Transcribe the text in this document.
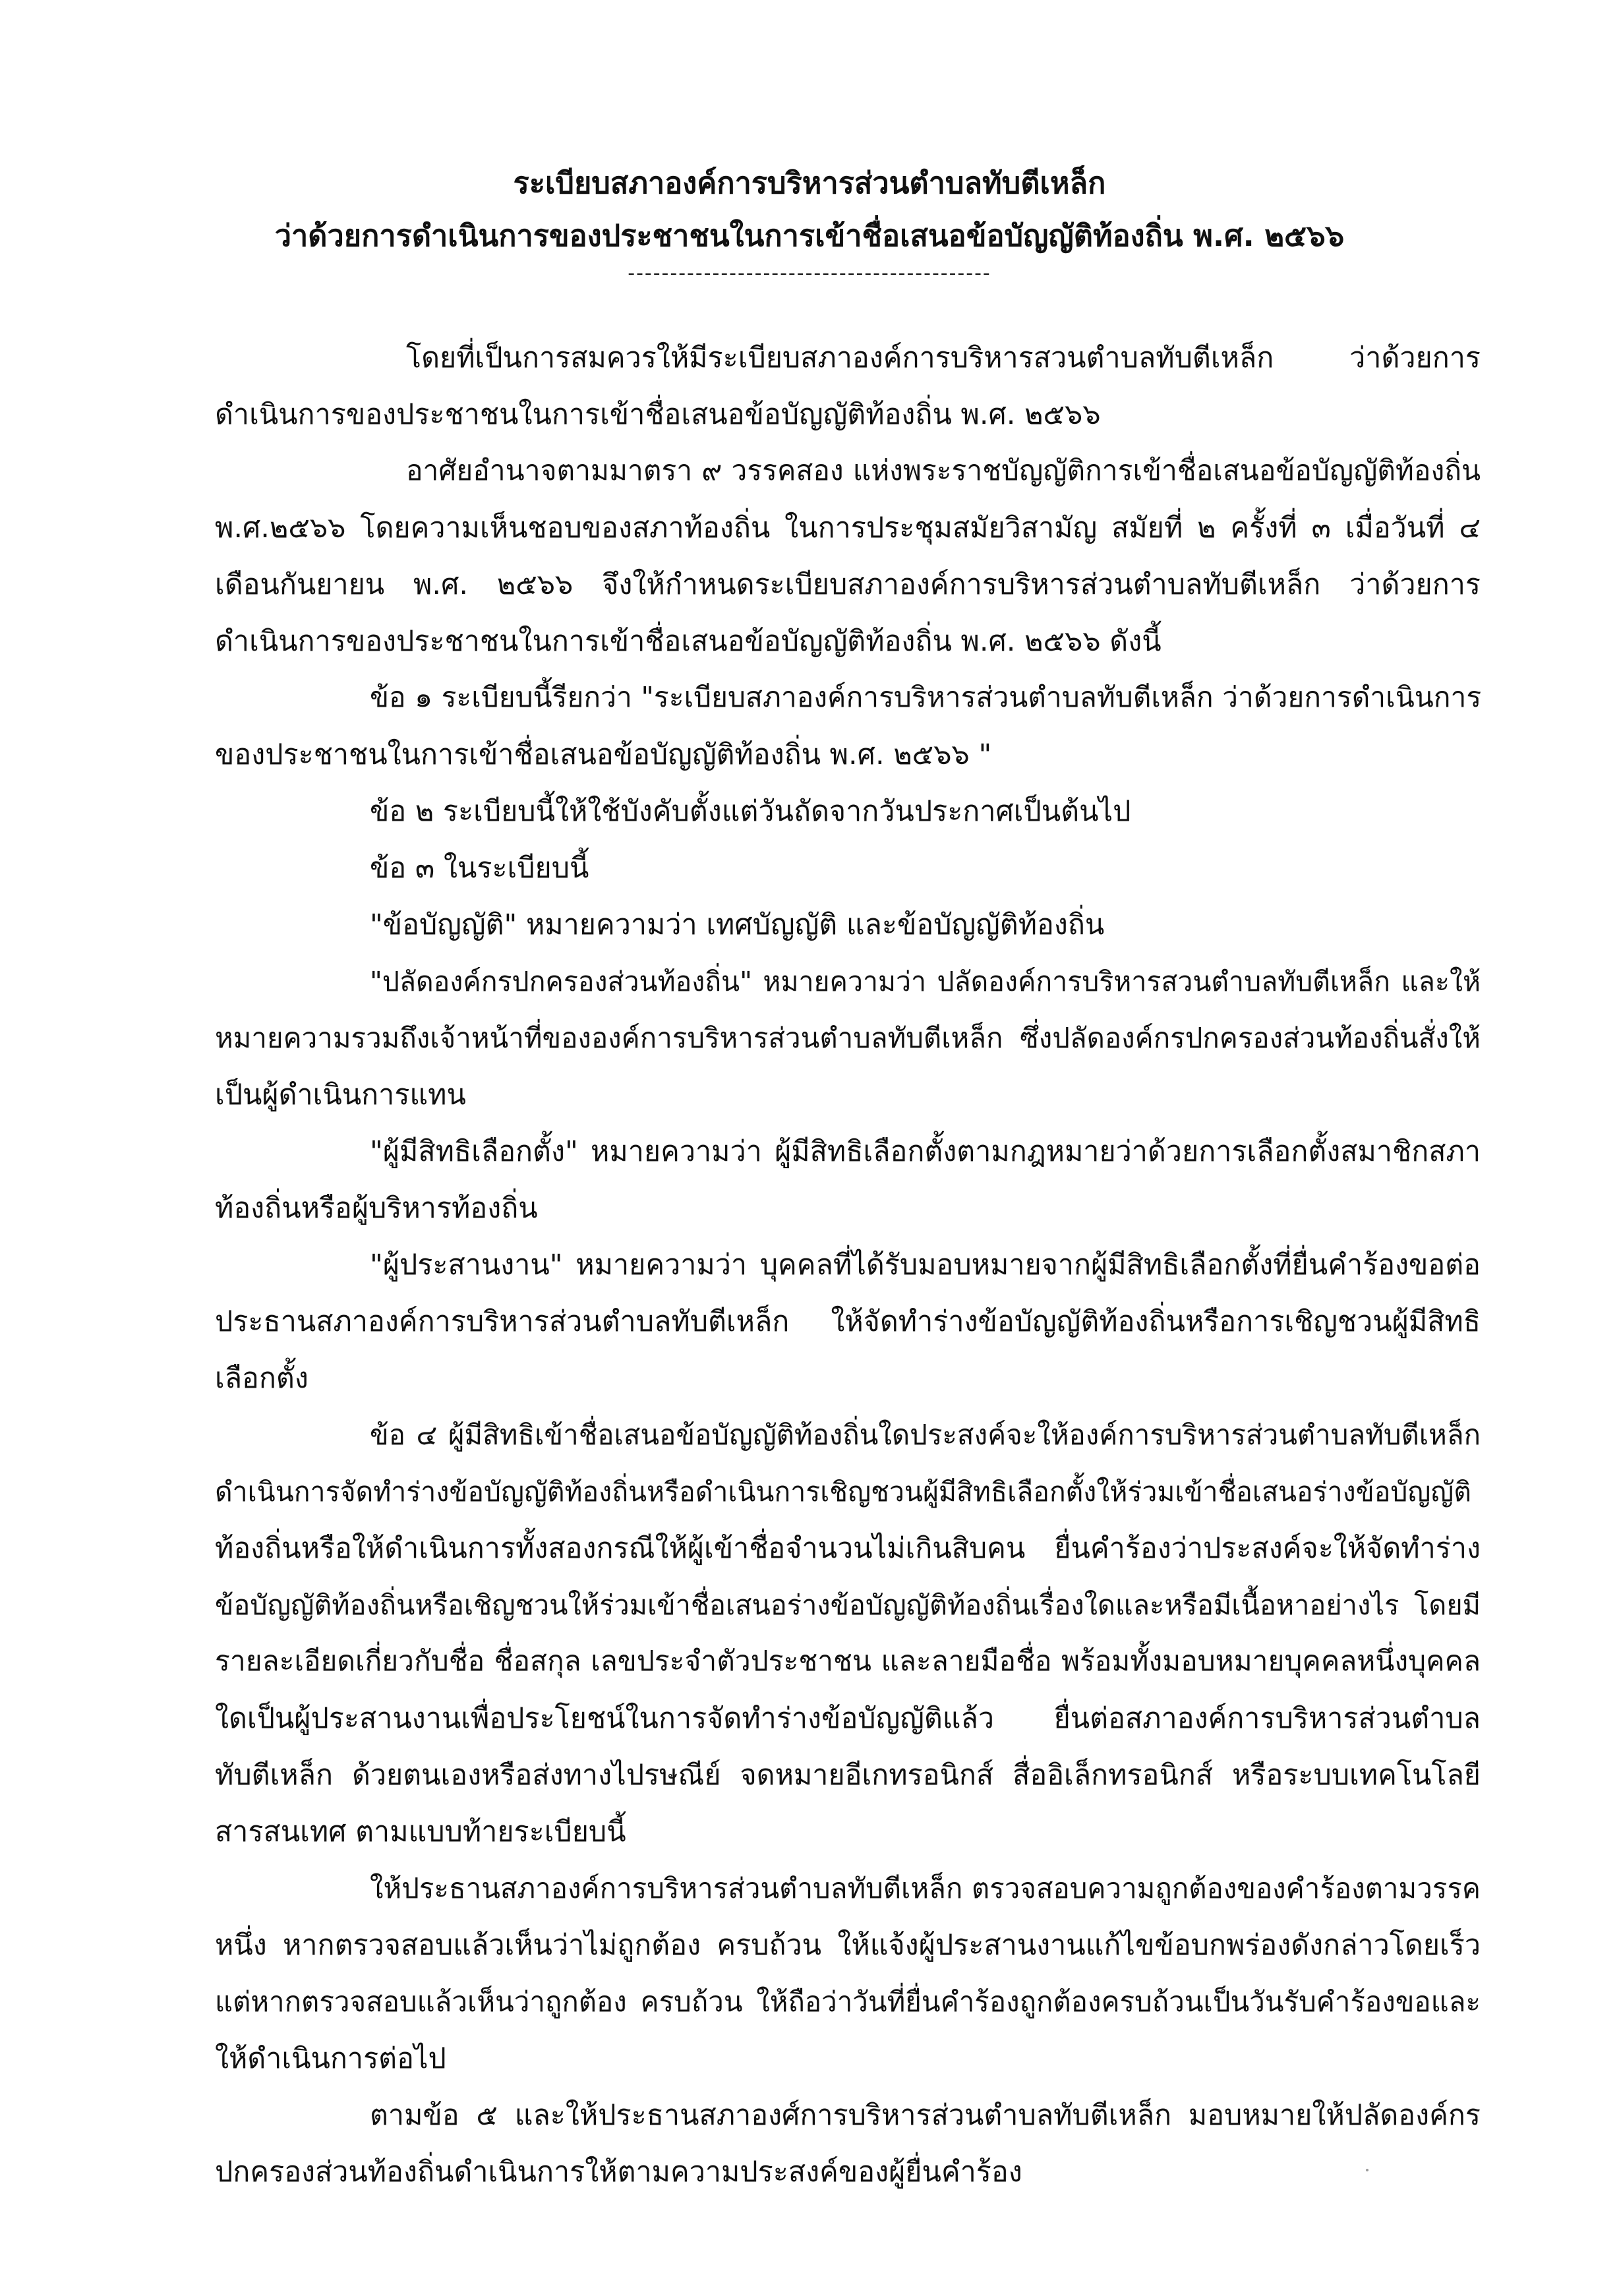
ระเบียบสภาองค์การบริหารส่วนตำบลทับตีเหล็ก
ว่าด้วยการดำเนินการของประชาชนในการเข้าชื่อเสนอข้อบัญญัติท้องถิ่น พ.ศ. ๒๕๖๖
-------------------------------------------
โดยที่เป็นการสมควรให้มีระเบียบสภาองค์การบริหารสวนตำบลทับตีเหล็ก ว่าด้วยการ
ดำเนินการของประชาชนในการเข้าชื่อเสนอข้อบัญญัติท้องถิ่น พ.ศ. ๒๕๖๖
อาศัยอำนาจตามมาตรา ๙ วรรคสอง แห่งพระราชบัญญัติการเข้าชื่อเสนอข้อบัญญัติท้องถิ่น
พ.ศ.๒๕๖๖ โดยความเห็นชอบของสภาท้องถิ่น ในการประชุมสมัยวิสามัญ สมัยที่ ๒ ครั้งที่ ๓ เมื่อวันที่ ๔
เดือนกันยายน พ.ศ. ๒๕๖๖ จึงให้กำหนดระเบียบสภาองค์การบริหารส่วนตำบลทับตีเหล็ก ว่าด้วยการ
ดำเนินการของประชาชนในการเข้าชื่อเสนอข้อบัญญัติท้องถิ่น พ.ศ. ๒๕๖๖ ดังนี้
ข้อ ๑ ระเบียบนี้รียกว่า "ระเบียบสภาองค์การบริหารส่วนตำบลทับตีเหล็ก ว่าด้วยการดำเนินการ
ของประชาชนในการเข้าชื่อเสนอข้อบัญญัติท้องถิ่น พ.ศ. ๒๕๖๖ "
ข้อ ๒ ระเบียบนี้ให้ใช้บังคับตั้งแต่วันถัดจากวันประกาศเป็นต้นไป
ข้อ ๓ ในระเบียบนี้
"ข้อบัญญัติ" หมายความว่า เทศบัญญัติ และข้อบัญญัติท้องถิ่น
"ปลัดองค์กรปกครองส่วนท้องถิ่น" หมายความว่า ปลัดองค์การบริหารสวนตำบลทับตีเหล็ก และให้
หมายความรวมถึงเจ้าหน้าที่ขององค์การบริหารส่วนตำบลทับตีเหล็ก ซึ่งปลัดองค์กรปกครองส่วนท้องถิ่นสั่งให้
เป็นผู้ดำเนินการแทน
"ผู้มีสิทธิเลือกตั้ง" หมายความว่า ผู้มีสิทธิเลือกตั้งตามกฎหมายว่าด้วยการเลือกตั้งสมาชิกสภา
ท้องถิ่นหรือผู้บริหารท้องถิ่น
"ผู้ประสานงาน" หมายความว่า บุคคลที่ได้รับมอบหมายจากผู้มีสิทธิเลือกตั้งที่ยื่นคำร้องขอต่อ
ประธานสภาองค์การบริหารส่วนตำบลทับตีเหล็ก ให้จัดทำร่างข้อบัญญัติท้องถิ่นหรือการเชิญชวนผู้มีสิทธิ
เลือกตั้ง
ข้อ ๔ ผู้มีสิทธิเข้าชื่อเสนอข้อบัญญัติท้องถิ่นใดประสงค์จะให้องค์การบริหารส่วนตำบลทับตีเหล็ก
ดำเนินการจัดทำร่างข้อบัญญัติท้องถิ่นหรือดำเนินการเชิญชวนผู้มีสิทธิเลือกตั้งให้ร่วมเข้าชื่อเสนอร่างข้อบัญญัติ
ท้องถิ่นหรือให้ดำเนินการทั้งสองกรณีให้ผู้เข้าชื่อจำนวนไม่เกินสิบคน ยื่นคำร้องว่าประสงค์จะให้จัดทำร่าง
ข้อบัญญัติท้องถิ่นหรือเชิญชวนให้ร่วมเข้าชื่อเสนอร่างข้อบัญญัติท้องถิ่นเรื่องใดและหรือมีเนื้อหาอย่างไร โดยมี
รายละเอียดเกี่ยวกับชื่อ ชื่อสกุล เลขประจำตัวประชาชน และลายมือชื่อ พร้อมทั้งมอบหมายบุคคลหนึ่งบุคคล
ใดเป็นผู้ประสานงานเพื่อประโยชน์ในการจัดทำร่างข้อบัญญัติแล้ว ยื่นต่อสภาองค์การบริหารส่วนตำบล
ทับตีเหล็ก ด้วยตนเองหรือส่งทางไปรษณีย์ จดหมายอีเกทรอนิกส์ สื่ออิเล็กทรอนิกส์ หรือระบบเทคโนโลยี
สารสนเทศ ตามแบบท้ายระเบียบนี้
ให้ประธานสภาองค์การบริหารส่วนตำบลทับตีเหล็ก ตรวจสอบความถูกต้องของคำร้องตามวรรค
หนึ่ง หากตรวจสอบแล้วเห็นว่าไม่ถูกต้อง ครบถ้วน ให้แจ้งผู้ประสานงานแก้ไขข้อบกพร่องดังกล่าวโดยเร็ว
แต่หากตรวจสอบแล้วเห็นว่าถูกต้อง ครบถ้วน ให้ถือว่าวันที่ยื่นคำร้องถูกต้องครบถ้วนเป็นวันรับคำร้องขอและ
ให้ดำเนินการต่อไป
ตามข้อ ๕ และให้ประธานสภาองศ์การบริหารส่วนตำบลทับตีเหล็ก มอบหมายให้ปลัดองค์กร
ปกครองส่วนท้องถิ่นดำเนินการให้ตามความประสงค์ของผู้ยื่นคำร้อง
